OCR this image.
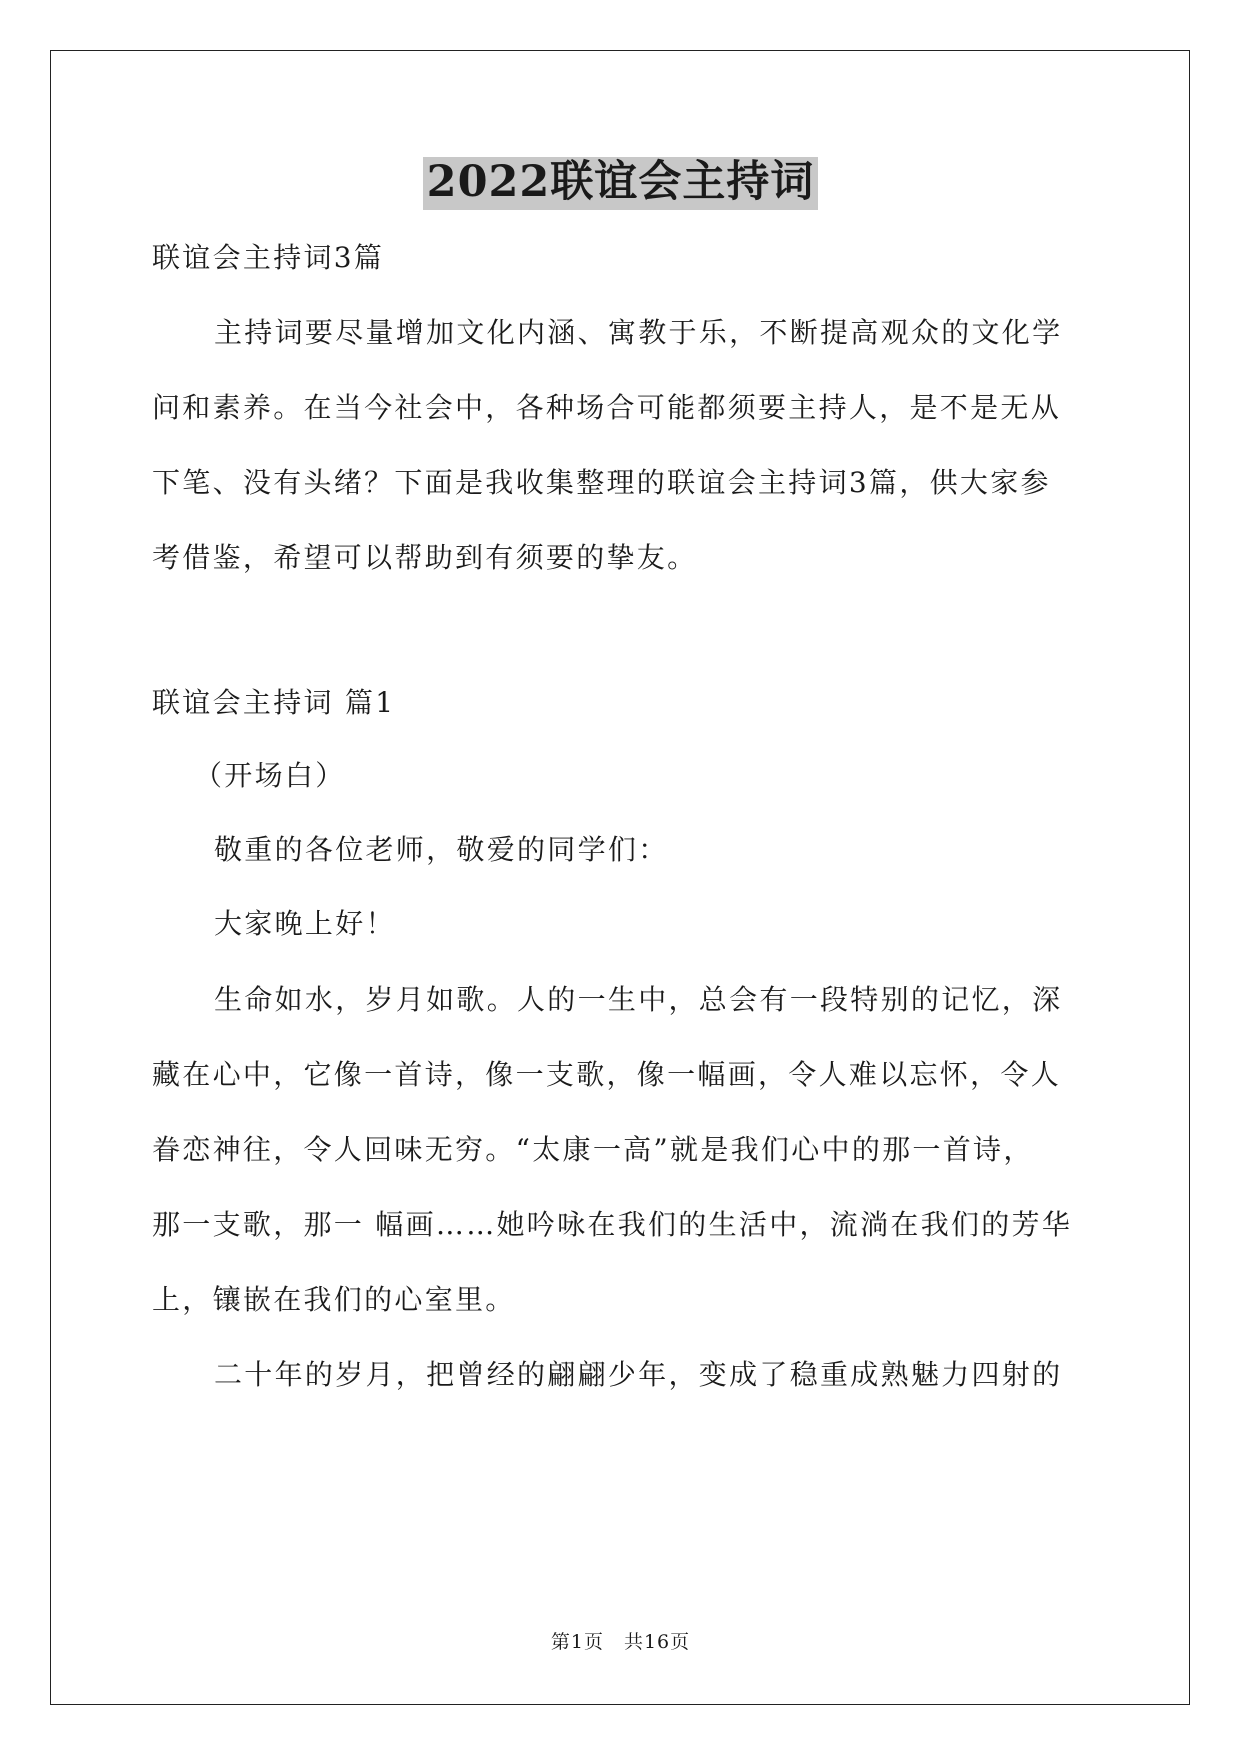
2022联谊会主持词
联谊会主持词3篇
主持词要尽量增加文化内涵、寓教于乐，不断提高观众的文化学
问和素养。在当今社会中，各种场合可能都须要主持人，是不是无从
下笔、没有头绪？下面是我收集整理的联谊会主持词3篇，供大家参
考借鉴，希望可以帮助到有须要的挚友。
联谊会主持词 篇1
（开场白）
敬重的各位老师，敬爱的同学们：
大家晚上好！
生命如水，岁月如歌。人的一生中，总会有一段特别的记忆，深
藏在心中，它像一首诗，像一支歌，像一幅画，令人难以忘怀，令人
眷恋神往，令人回味无穷。“太康一高”就是我们心中的那一首诗，
那一支歌，那一 幅画……她吟咏在我们的生活中，流淌在我们的芳华
上，镶嵌在我们的心室里。
二十年的岁月，把曾经的翩翩少年，变成了稳重成熟魅力四射的
第1页　共16页
